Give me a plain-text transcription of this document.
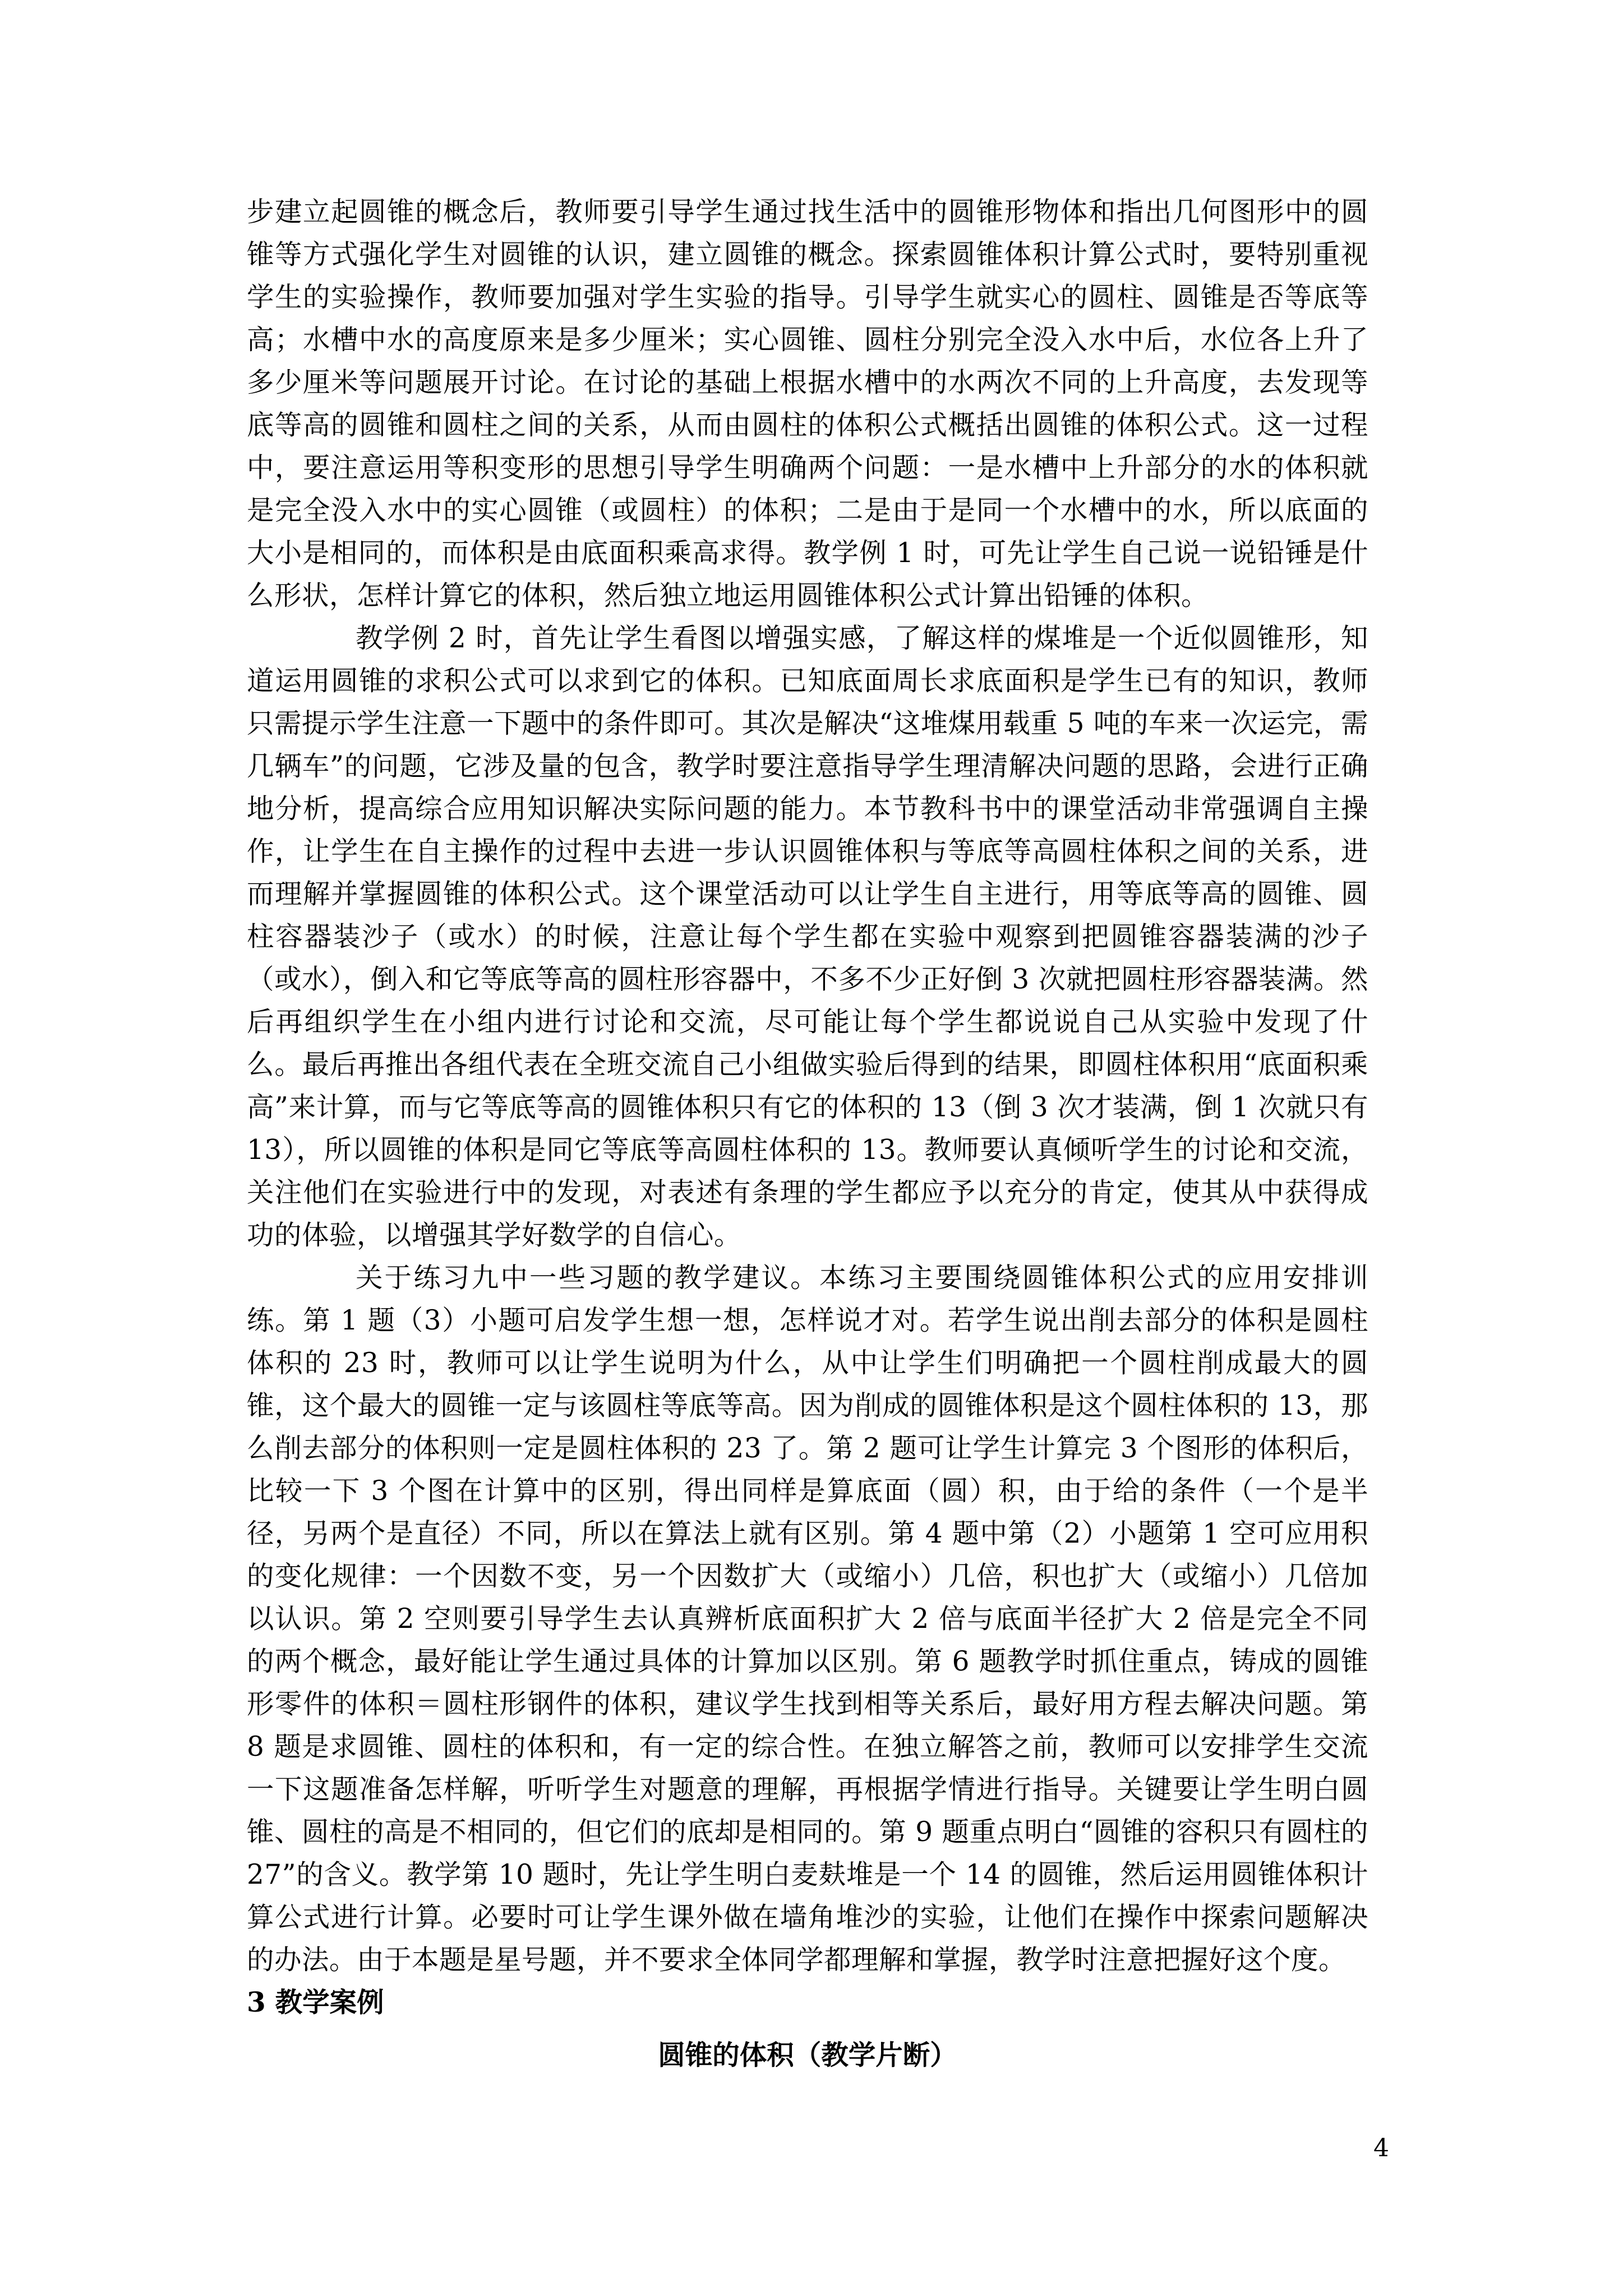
步建立起圆锥的概念后，教师要引导学生通过找生活中的圆锥形物体和指出几何图形中的圆锥等方式强化学生对圆锥的认识，建立圆锥的概念。探索圆锥体积计算公式时，要特别重视学生的实验操作，教师要加强对学生实验的指导。引导学生就实心的圆柱、圆锥是否等底等高；水槽中水的高度原来是多少厘米；实心圆锥、圆柱分别完全没入水中后，水位各上升了多少厘米等问题展开讨论。在讨论的基础上根据水槽中的水两次不同的上升高度，去发现等底等高的圆锥和圆柱之间的关系，从而由圆柱的体积公式概括出圆锥的体积公式。这一过程中，要注意运用等积变形的思想引导学生明确两个问题：一是水槽中上升部分的水的体积就是完全没入水中的实心圆锥（或圆柱）的体积；二是由于是同一个水槽中的水，所以底面的大小是相同的，而体积是由底面积乘高求得。教学例 1 时，可先让学生自己说一说铅锤是什么形状，怎样计算它的体积，然后独立地运用圆锥体积公式计算出铅锤的体积。

教学例 2 时，首先让学生看图以增强实感，了解这样的煤堆是一个近似圆锥形，知道运用圆锥的求积公式可以求到它的体积。已知底面周长求底面积是学生已有的知识，教师只需提示学生注意一下题中的条件即可。其次是解决“这堆煤用载重 5 吨的车来一次运完，需几辆车”的问题，它涉及量的包含，教学时要注意指导学生理清解决问题的思路，会进行正确地分析，提高综合应用知识解决实际问题的能力。本节教科书中的课堂活动非常强调自主操作，让学生在自主操作的过程中去进一步认识圆锥体积与等底等高圆柱体积之间的关系，进而理解并掌握圆锥的体积公式。这个课堂活动可以让学生自主进行，用等底等高的圆锥、圆柱容器装沙子（或水）的时候，注意让每个学生都在实验中观察到把圆锥容器装满的沙子（或水），倒入和它等底等高的圆柱形容器中，不多不少正好倒 3 次就把圆柱形容器装满。然后再组织学生在小组内进行讨论和交流，尽可能让每个学生都说说自己从实验中发现了什么。最后再推出各组代表在全班交流自己小组做实验后得到的结果，即圆柱体积用“底面积乘高”来计算，而与它等底等高的圆锥体积只有它的体积的 13（倒 3 次才装满，倒 1 次就只有 13），所以圆锥的体积是同它等底等高圆柱体积的 13。教师要认真倾听学生的讨论和交流，关注他们在实验进行中的发现，对表述有条理的学生都应予以充分的肯定，使其从中获得成功的体验，以增强其学好数学的自信心。

关于练习九中一些习题的教学建议。本练习主要围绕圆锥体积公式的应用安排训练。第 1 题（3）小题可启发学生想一想，怎样说才对。若学生说出削去部分的体积是圆柱体积的 23 时，教师可以让学生说明为什么，从中让学生们明确把一个圆柱削成最大的圆锥，这个最大的圆锥一定与该圆柱等底等高。因为削成的圆锥体积是这个圆柱体积的 13，那么削去部分的体积则一定是圆柱体积的 23 了。第 2 题可让学生计算完 3 个图形的体积后，比较一下 3 个图在计算中的区别，得出同样是算底面（圆）积，由于给的条件（一个是半径，另两个是直径）不同，所以在算法上就有区别。第 4 题中第（2）小题第 1 空可应用积的变化规律：一个因数不变，另一个因数扩大（或缩小）几倍，积也扩大（或缩小）几倍加以认识。第 2 空则要引导学生去认真辨析底面积扩大 2 倍与底面半径扩大 2 倍是完全不同的两个概念，最好能让学生通过具体的计算加以区别。第 6 题教学时抓住重点，铸成的圆锥形零件的体积＝圆柱形钢件的体积，建议学生找到相等关系后，最好用方程去解决问题。第 8 题是求圆锥、圆柱的体积和，有一定的综合性。在独立解答之前，教师可以安排学生交流一下这题准备怎样解，听听学生对题意的理解，再根据学情进行指导。关键要让学生明白圆锥、圆柱的高是不相同的，但它们的底却是相同的。第 9 题重点明白“圆锥的容积只有圆柱的 27”的含义。教学第 10 题时，先让学生明白麦麸堆是一个 14 的圆锥，然后运用圆锥体积计算公式进行计算。必要时可让学生课外做在墙角堆沙的实验，让他们在操作中探索问题解决的办法。由于本题是星号题，并不要求全体同学都理解和掌握，教学时注意把握好这个度。

3 教学案例

圆锥的体积（教学片断）

4
